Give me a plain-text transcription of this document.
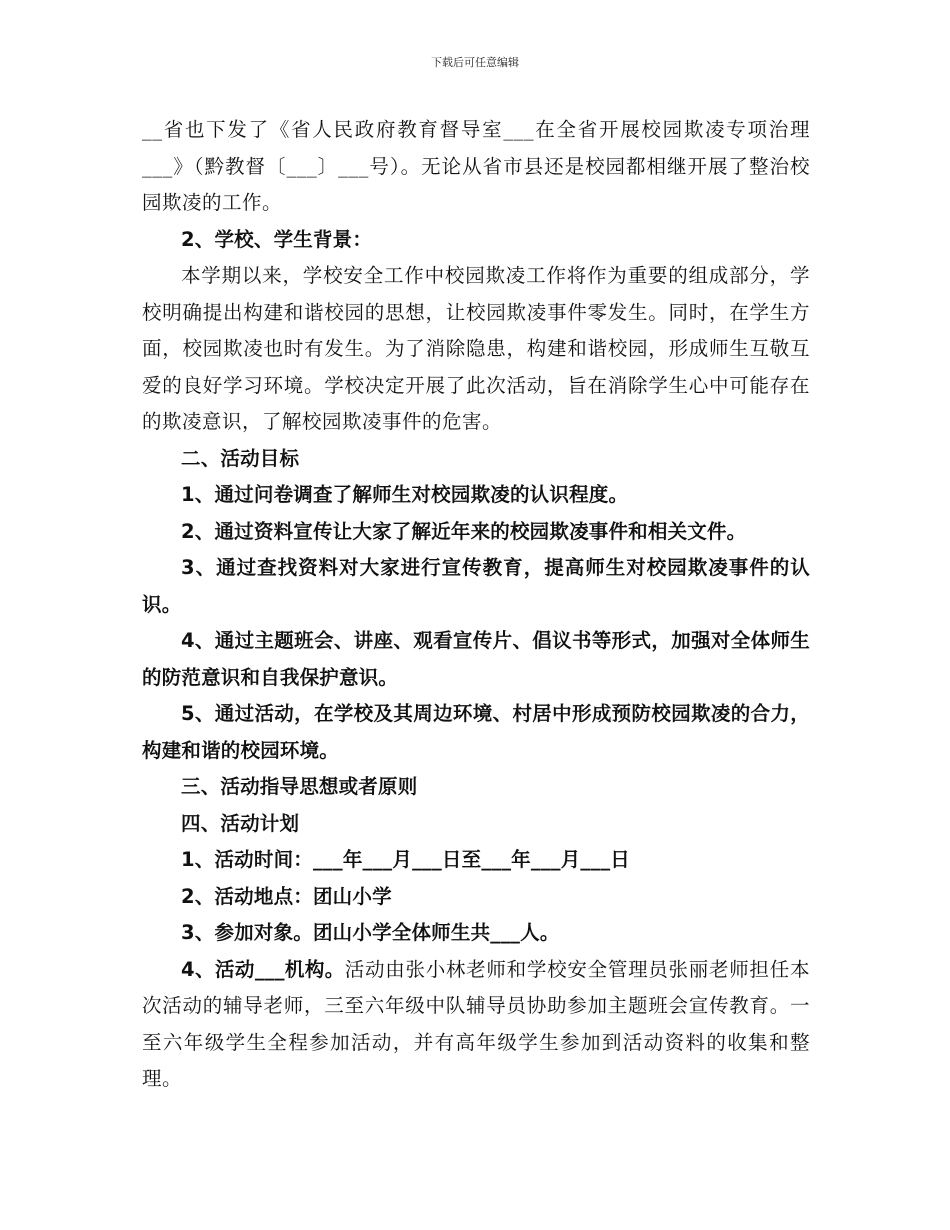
下载后可任意编辑

__省也下发了《省人民政府教育督导室___在全省开展校园欺凌专项治理___》（黔教督〔___〕___号）。无论从省市县还是校园都相继开展了整治校园欺凌的工作。

2、学校、学生背景：

本学期以来，学校安全工作中校园欺凌工作将作为重要的组成部分，学校明确提出构建和谐校园的思想，让校园欺凌事件零发生。同时，在学生方面，校园欺凌也时有发生。为了消除隐患，构建和谐校园，形成师生互敬互爱的良好学习环境。学校决定开展了此次活动，旨在消除学生心中可能存在的欺凌意识，了解校园欺凌事件的危害。

二、活动目标

1、通过问卷调查了解师生对校园欺凌的认识程度。

2、通过资料宣传让大家了解近年来的校园欺凌事件和相关文件。

3、通过查找资料对大家进行宣传教育，提高师生对校园欺凌事件的认识。

4、通过主题班会、讲座、观看宣传片、倡议书等形式，加强对全体师生的防范意识和自我保护意识。

5、通过活动，在学校及其周边环境、村居中形成预防校园欺凌的合力，构建和谐的校园环境。

三、活动指导思想或者原则

四、活动计划

1、活动时间：___年___月___日至___年___月___日

2、活动地点：团山小学

3、参加对象。团山小学全体师生共___人。

4、活动___机构。活动由张小林老师和学校安全管理员张丽老师担任本次活动的辅导老师，三至六年级中队辅导员协助参加主题班会宣传教育。一至六年级学生全程参加活动，并有高年级学生参加到活动资料的收集和整理。
